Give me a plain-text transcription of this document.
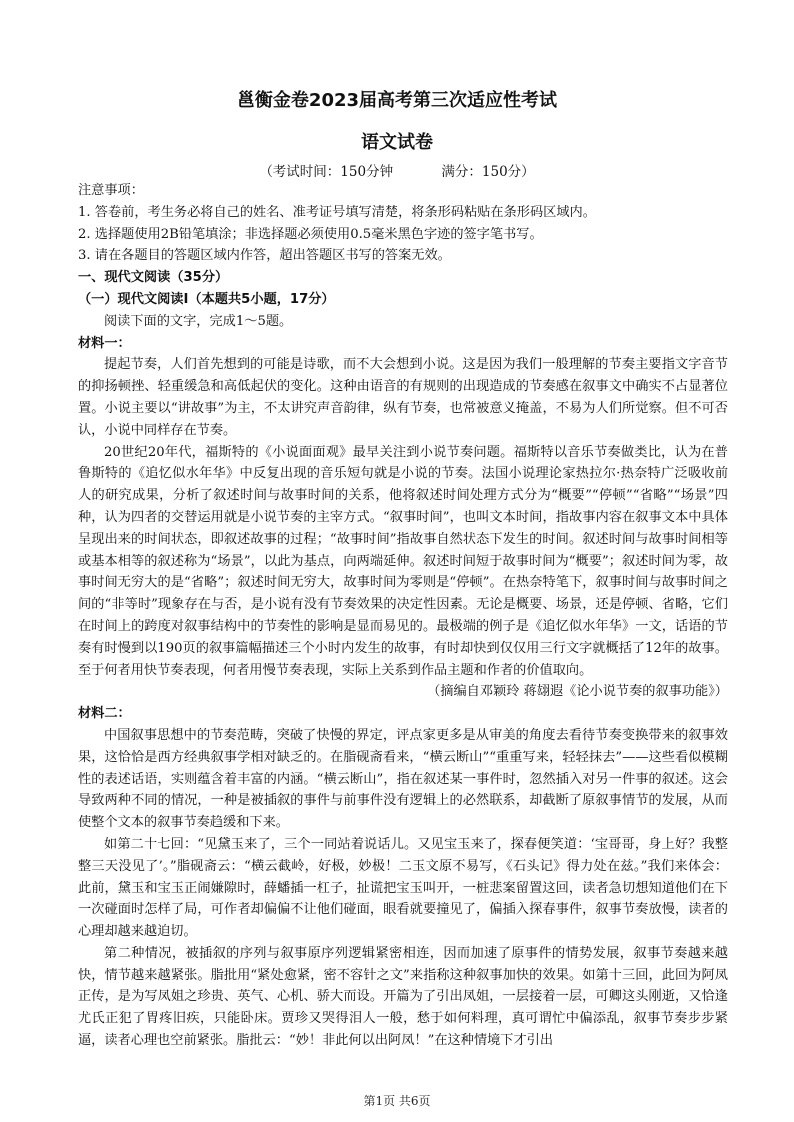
邕衡金卷2023届高考第三次适应性考试
语文试卷
（考试时间：150分钟	满分：150分）
注意事项：
1. 答卷前，考生务必将自己的姓名、准考证号填写清楚，将条形码粘贴在条形码区域内。
2. 选择题使用2B铅笔填涂；非选择题必须使用0.5毫米黑色字迹的签字笔书写。
3. 请在各题目的答题区域内作答，超出答题区书写的答案无效。
一、现代文阅读（35分）
（一）现代文阅读Ⅰ（本题共5小题，17分）
阅读下面的文字，完成1～5题。
材料一：

提起节奏，人们首先想到的可能是诗歌，而不大会想到小说。这是因为我们一般理解的节奏主要指文字音节的抑扬顿挫、轻重缓急和高低起伏的变化。这种由语音的有规则的出现造成的节奏感在叙事文中确实不占显著位置。小说主要以“讲故事”为主，不太讲究声音韵律，纵有节奏，也常被意义掩盖，不易为人们所觉察。但不可否认，小说中同样存在节奏。

20世纪20年代，福斯特的《小说面面观》最早关注到小说节奏问题。福斯特以音乐节奏做类比，认为在普鲁斯特的《追忆似水年华》中反复出现的音乐短句就是小说的节奏。法国小说理论家热拉尔·热奈特广泛吸收前人的研究成果，分析了叙述时间与故事时间的关系，他将叙述时间处理方式分为“概要”“停顿”“省略”“场景”四种，认为四者的交替运用就是小说节奏的主宰方式。“叙事时间”，也叫文本时间，指故事内容在叙事文本中具体呈现出来的时间状态，即叙述故事的过程；“故事时间”指故事自然状态下发生的时间。叙述时间与故事时间相等或基本相等的叙述称为“场景”，以此为基点，向两端延伸。叙述时间短于故事时间为“概要”；叙述时间为零，故事时间无穷大的是“省略”；叙述时间无穷大，故事时间为零则是“停顿”。在热奈特笔下，叙事时间与故事时间之间的“非等时”现象存在与否，是小说有没有节奏效果的决定性因素。无论是概要、场景，还是停顿、省略，它们在时间上的跨度对叙事结构中的节奏性的影响是显而易见的。最极端的例子是《追忆似水年华》一文，话语的节奏有时慢到以190页的叙事篇幅描述三个小时内发生的故事，有时却快到仅仅用三行文字就概括了12年的故事。至于何者用快节奏表现，何者用慢节奏表现，实际上关系到作品主题和作者的价值取向。

（摘编自邓颖玲 蒋翃遐《论小说节奏的叙事功能》）
材料二：

中国叙事思想中的节奏范畴，突破了快慢的界定，评点家更多是从审美的角度去看待节奏变换带来的叙事效果，这恰恰是西方经典叙事学相对缺乏的。在脂砚斋看来，“横云断山”“重重写来，轻轻抹去”——这些看似模糊性的表述话语，实则蕴含着丰富的内涵。“横云断山”，指在叙述某一事件时，忽然插入对另一件事的叙述。这会导致两种不同的情况，一种是被插叙的事件与前事件没有逻辑上的必然联系，却截断了原叙事情节的发展，从而使整个文本的叙事节奏趋缓和下来。

如第二十七回：“见黛玉来了，三个一同站着说话儿。又见宝玉来了，探春便笑道：‘宝哥哥，身上好？我整整三天没见了’。”脂砚斋云：“横云截岭，好极，妙极！二玉文原不易写，《石头记》得力处在兹。”我们来体会：此前，黛玉和宝玉正闹嫌隙时，薛蟠插一杠子，扯谎把宝玉叫开，一桩悲案留置这回，读者急切想知道他们在下一次碰面时怎样了局，可作者却偏偏不让他们碰面，眼看就要撞见了，偏插入探春事件，叙事节奏放慢，读者的心理却越来越迫切。

第二种情况，被插叙的序列与叙事原序列逻辑紧密相连，因而加速了原事件的情势发展，叙事节奏越来越快，情节越来越紧张。脂批用“紧处愈紧，密不容针之文”来指称这种叙事加快的效果。如第十三回，此回为阿凤正传，是为写凤姐之珍贵、英气、心机、骄大而设。开篇为了引出凤姐，一层接着一层，可卿这头刚逝，又恰逢尤氏正犯了胃疼旧疾，只能卧床。贾珍又哭得泪人一般，愁于如何料理，真可谓忙中偏添乱，叙事节奏步步紧逼，读者心理也空前紧张。脂批云：“妙！非此何以出阿凤！”在这种情境下才引出

第1页 共6页
